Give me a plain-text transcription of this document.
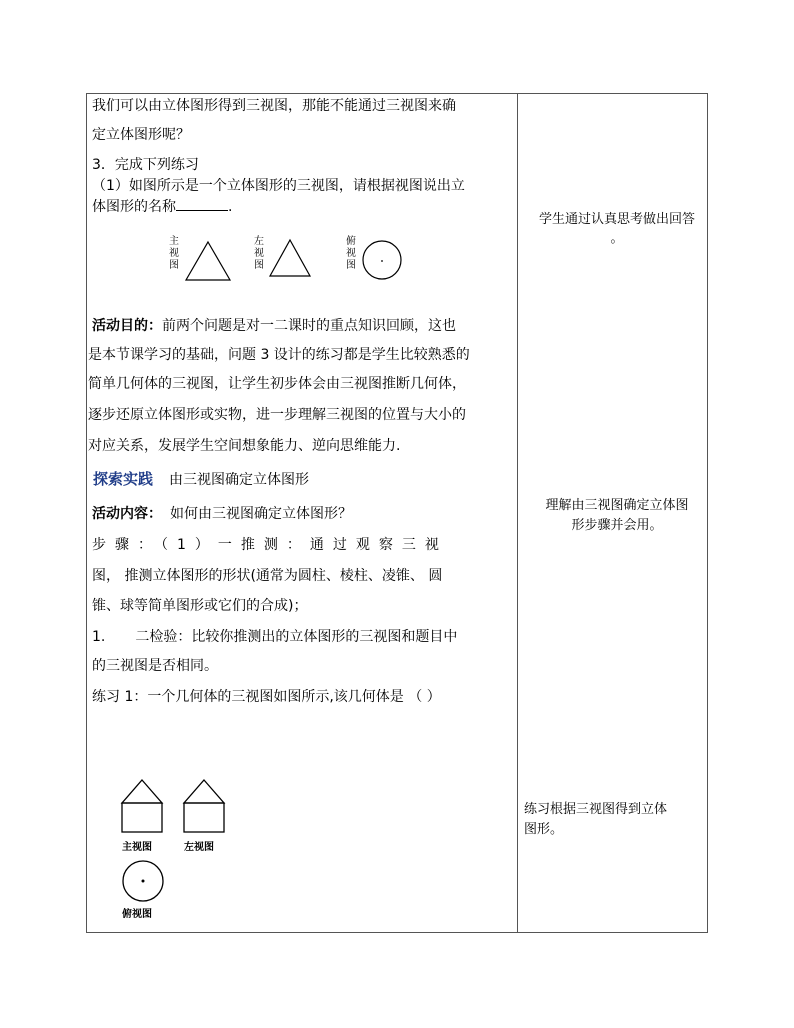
我们可以由立体图形得到三视图，那能不能通过三视图来确
定立体图形呢？
3．完成下列练习
（1）如图所示是一个立体图形的三视图，请根据视图说出立
体图形的名称	.
主视图
左视图
俯视图
活动目的：前两个问题是对一二课时的重点知识回顾，这也
是本节课学习的基础，问题 3 设计的练习都是学生比较熟悉的
简单几何体的三视图，让学生初步体会由三视图推断几何体，
逐步还原立体图形或实物，进一步理解三视图的位置与大小的
对应关系，发展学生空间想象能力、逆向思维能力.
探索实践 由三视图确定立体图形
活动内容： 如何由三视图确定立体图形？
步骤：（1）一推测：通过观察三视
图， 推测立体图形的形状(通常为圆柱、棱柱、凌锥、 圆
锥、球等简单图形或它们的合成)；
1. 二检验：比较你推测出的立体图形的三视图和题目中
的三视图是否相同。
练习 1：一个几何体的三视图如图所示,该几何体是 （ ）
主视图	左视图
俯视图
学生通过认真思考做出回答
。
理解由三视图确定立体图
形步骤并会用。
练习根据三视图得到立体
图形。
